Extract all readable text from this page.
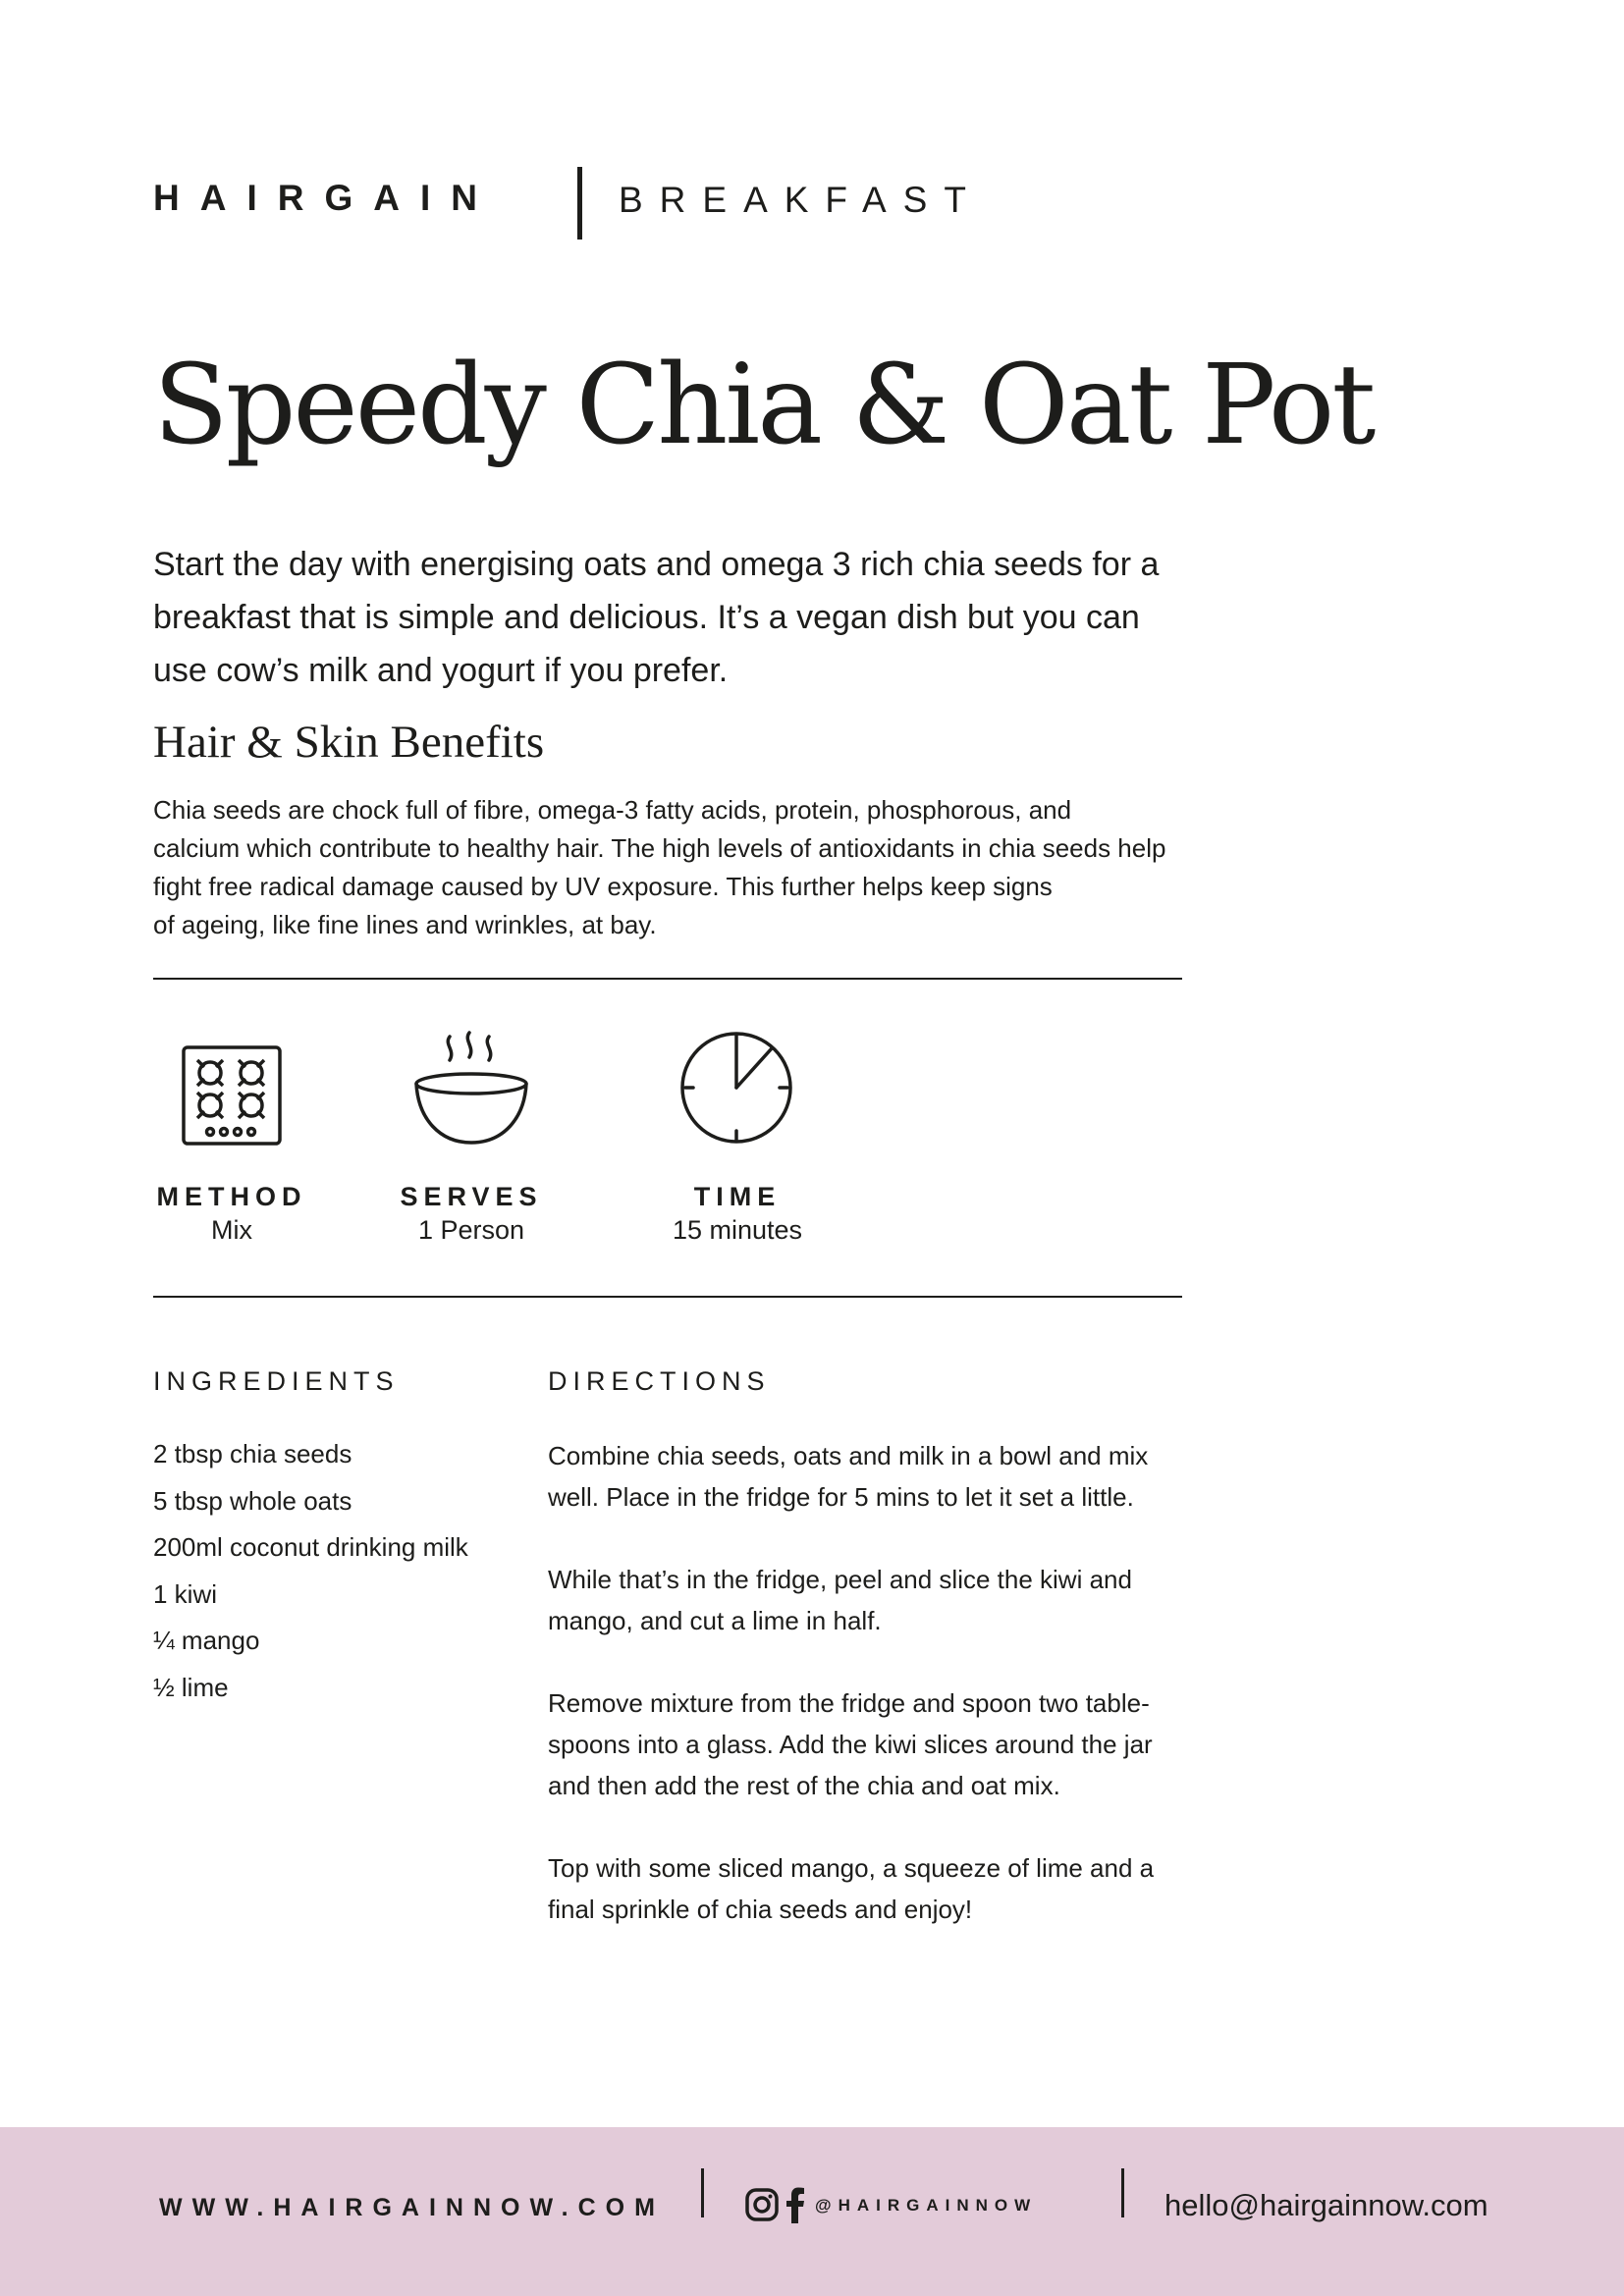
HAIRGAIN	BREAKFAST
Speedy Chia & Oat Pot
Start the day with energising oats and omega 3 rich chia seeds for a breakfast that is simple and delicious. It’s a vegan dish but you can use cow’s milk and yogurt if you prefer.
Hair & Skin Benefits
Chia seeds are chock full of fibre, omega-3 fatty acids, protein, phosphorous, and
calcium which contribute to healthy hair. The high levels of antioxidants in chia seeds help
fight free radical damage caused by UV exposure. This further helps keep signs
of ageing, like fine lines and wrinkles, at bay.
METHOD
Mix
SERVES
1 Person
TIME
15 minutes
INGREDIENTS
2 tbsp chia seeds
5 tbsp whole oats
200ml coconut drinking milk
1 kiwi
¼ mango
½ lime
DIRECTIONS

Combine chia seeds, oats and milk in a bowl and mix well. Place in the fridge for 5 mins to let it set a little.

While that’s in the fridge, peel and slice the kiwi and mango, and cut a lime in half.

Remove mixture from the fridge and spoon two table-spoons into a glass. Add the kiwi slices around the jar and then add the rest of the chia and oat mix.

Top with some sliced mango, a squeeze of lime and a final sprinkle of chia seeds and enjoy!

WWW.HAIRGAINNOW.COM	@HAIRGAINNOW	hello@hairgainnow.com
